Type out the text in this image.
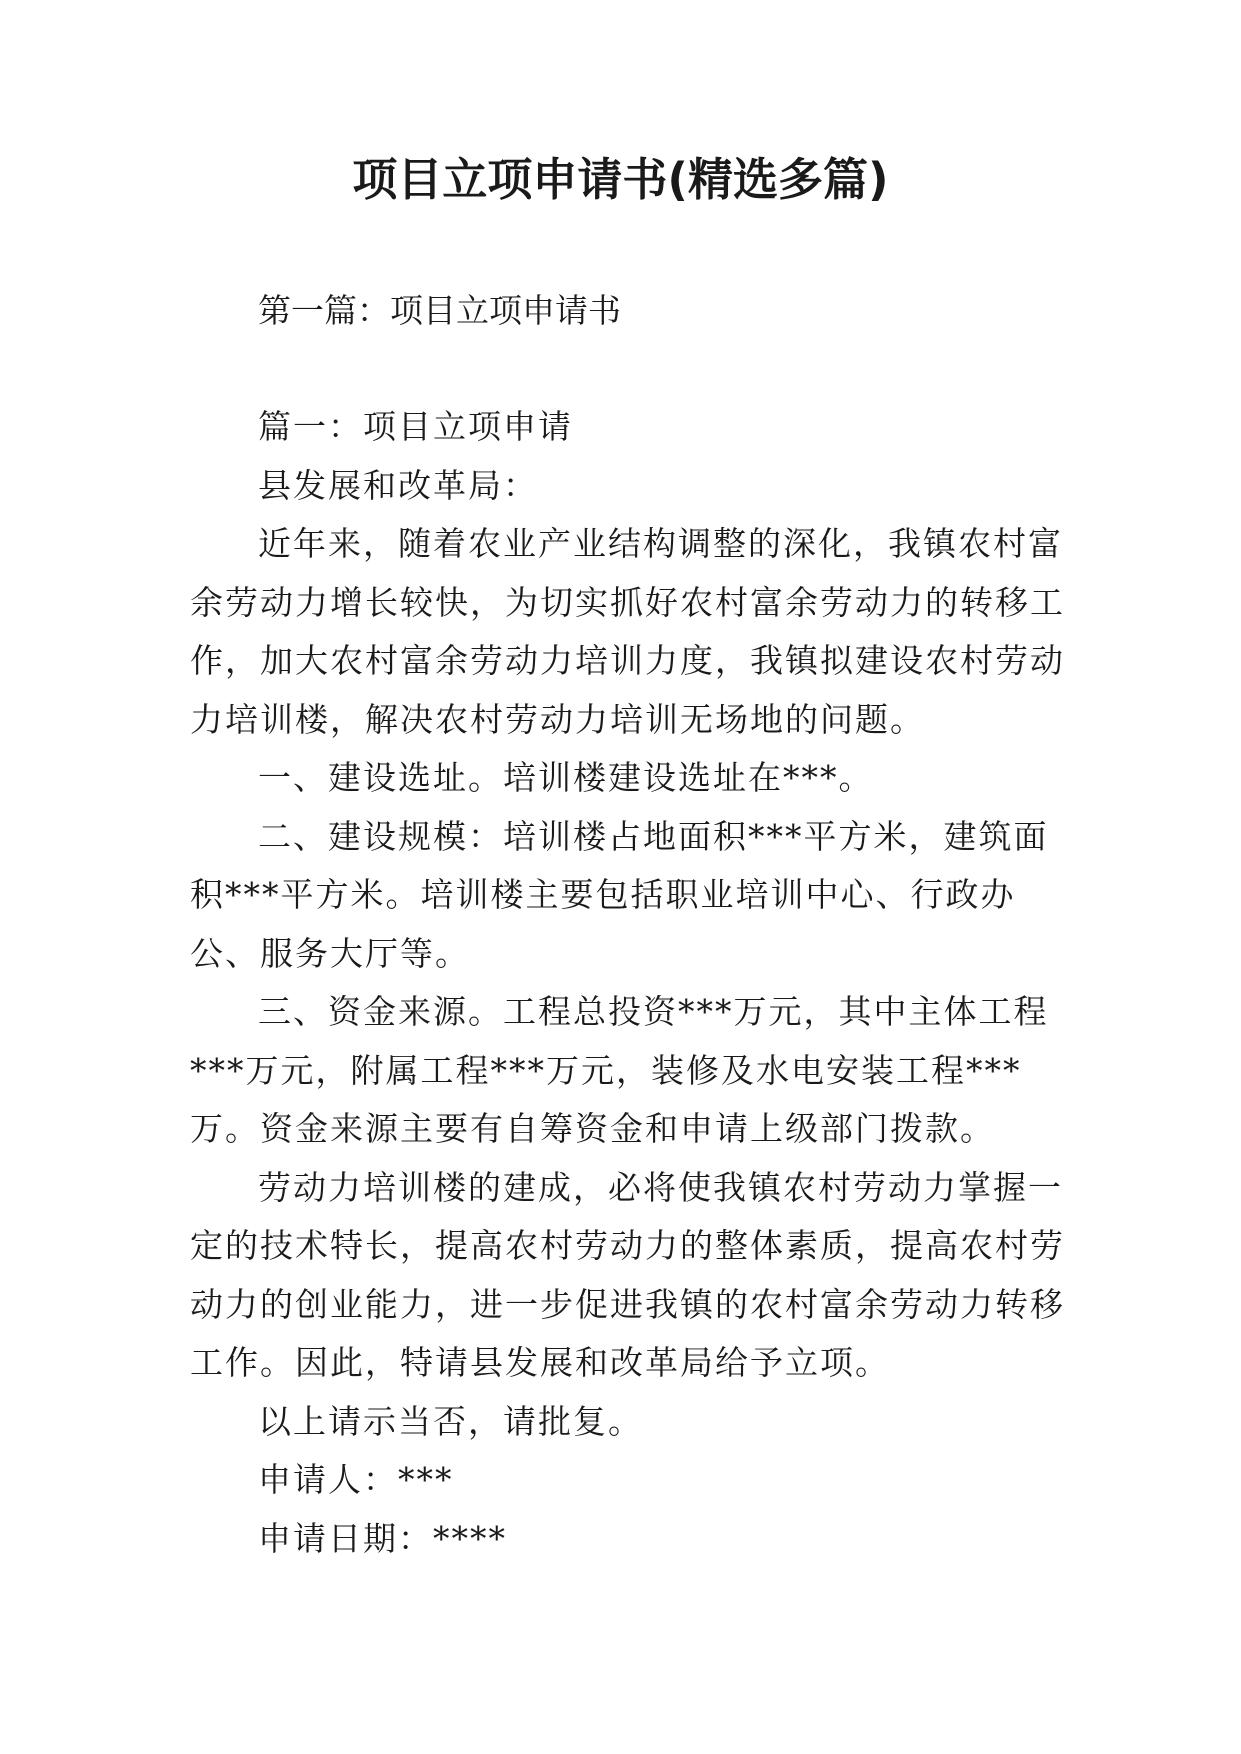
项目立项申请书(精选多篇)

第一篇：项目立项申请书

篇一：项目立项申请

县发展和改革局：

近年来，随着农业产业结构调整的深化，我镇农村富余劳动力增长较快，为切实抓好农村富余劳动力的转移工作，加大农村富余劳动力培训力度，我镇拟建设农村劳动力培训楼，解决农村劳动力培训无场地的问题。

一、建设选址。培训楼建设选址在***。

二、建设规模：培训楼占地面积***平方米，建筑面积***平方米。培训楼主要包括职业培训中心、行政办公、服务大厅等。

三、资金来源。工程总投资***万元，其中主体工程***万元，附属工程***万元，装修及水电安装工程***万。资金来源主要有自筹资金和申请上级部门拨款。

劳动力培训楼的建成，必将使我镇农村劳动力掌握一定的技术特长，提高农村劳动力的整体素质，提高农村劳动力的创业能力，进一步促进我镇的农村富余劳动力转移工作。因此，特请县发展和改革局给予立项。

以上请示当否，请批复。

申请人：***

申请日期：****
